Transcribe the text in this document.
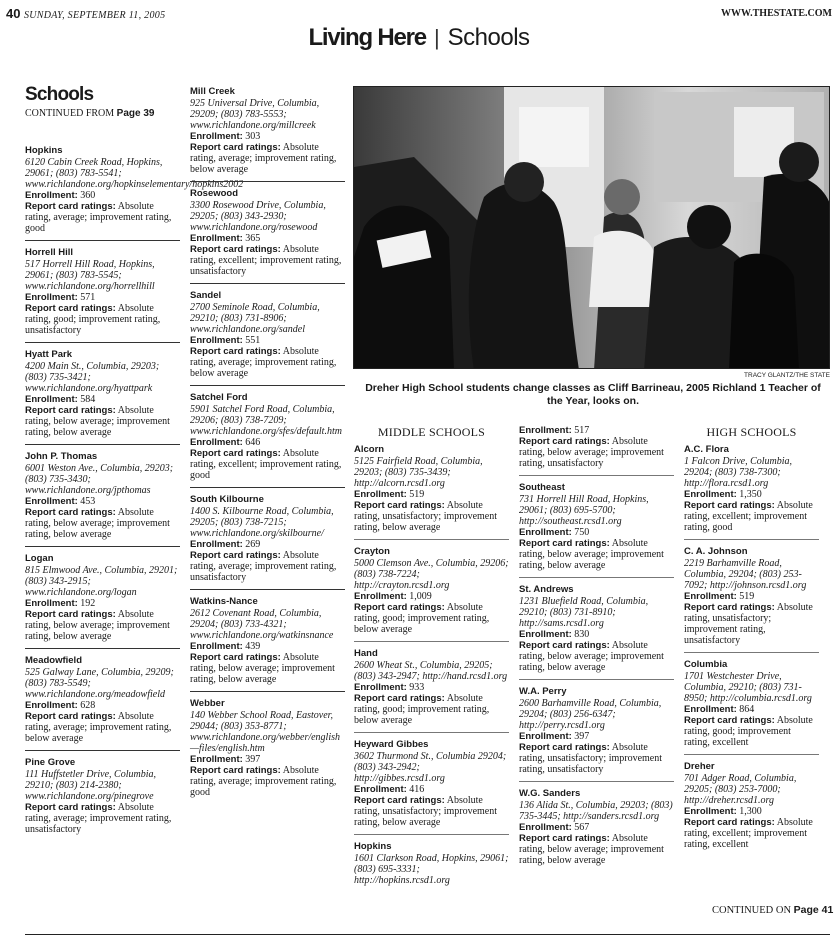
40 SUNDAY, SEPTEMBER 11, 2005	WWW.THESTATE.COM
Living Here | Schools
Schools
CONTINUED FROM Page 39
Hopkins
6120 Cabin Creek Road, Hopkins, 29061; (803) 783-5541; www.richlandone.org/hopkinselementary/hopkins2002
Enrollment: 360
Report card ratings: Absolute rating, average; improvement rating, good
Horrell Hill
517 Horrell Hill Road, Hopkins, 29061; (803) 783-5545; www.richlandone.org/horrellhill
Enrollment: 571
Report card ratings: Absolute rating, good; improvement rating, unsatisfactory
Hyatt Park
4200 Main St., Columbia, 29203; (803) 735-3421; www.richlandone.org/hyattpark
Enrollment: 584
Report card ratings: Absolute rating, below average; improvement rating, below average
John P. Thomas
6001 Weston Ave., Columbia, 29203; (803) 735-3430; www.richlandone.org/jpthomas
Enrollment: 453
Report card ratings: Absolute rating, below average; improvement rating, below average
Logan
815 Elmwood Ave., Columbia, 29201; (803) 343-2915; www.richlandone.org/logan
Enrollment: 192
Report card ratings: Absolute rating, below average; improvement rating, below average
Meadowfield
525 Galway Lane, Columbia, 29209; (803) 783-5549; www.richlandone.org/meadowfield
Enrollment: 628
Report card ratings: Absolute rating, average; improvement rating, below average
Pine Grove
111 Huffstetler Drive, Columbia, 29210; (803) 214-2380; www.richlandone.org/pinegrove
Report card ratings: Absolute rating, average; improvement rating, unsatisfactory
Mill Creek
925 Universal Drive, Columbia, 29209; (803) 783-5553; www.richlandone.org/millcreek
Enrollment: 303
Report card ratings: Absolute rating, average; improvement rating, below average
Rosewood
3300 Rosewood Drive, Columbia, 29205; (803) 343-2930; www.richlandone.org/rosewood
Enrollment: 365
Report card ratings: Absolute rating, excellent; improvement rating, unsatisfactory
Sandel
2700 Seminole Road, Columbia, 29210; (803) 731-8906; www.richlandone.org/sandel
Enrollment: 551
Report card ratings: Absolute rating, average; improvement rating, below average
Satchel Ford
5901 Satchel Ford Road, Columbia, 29206; (803) 738-7209; www.richlandone.org/sfes/default.htm
Enrollment: 646
Report card ratings: Absolute rating, excellent; improvement rating, good
South Kilbourne
1400 S. Kilbourne Road, Columbia, 29205; (803) 738-7215; www.richlandone.org/skilbourne/
Enrollment: 269
Report card ratings: Absolute rating, average; improvement rating, unsatisfactory
Watkins-Nance
2612 Covenant Road, Columbia, 29204; (803) 733-4321; www.richlandone.org/watkinsnance
Enrollment: 439
Report card ratings: Absolute rating, below average; improvement rating, below average
Webber
140 Webber School Road, Eastover, 29044; (803) 353-8771; www.richlandone.org/webber/english—files/english.htm
Enrollment: 397
Report card ratings: Absolute rating, average; improvement rating, good
TRACY GLANTZ/THE STATE
Dreher High School students change classes as Cliff Barrineau, 2005 Richland 1 Teacher of the Year, looks on.
MIDDLE SCHOOLS
Alcorn
5125 Fairfield Road, Columbia, 29203; (803) 735-3439; http://alcorn.rcsd1.org
Enrollment: 519
Report card ratings: Absolute rating, unsatisfactory; improvement rating, below average
Crayton
5000 Clemson Ave., Columbia, 29206; (803) 738-7224; http://crayton.rcsd1.org
Enrollment: 1,009
Report card ratings: Absolute rating, good; improvement rating, below average
Hand
2600 Wheat St., Columbia, 29205; (803) 343-2947; http://hand.rcsd1.org
Enrollment: 933
Report card ratings: Absolute rating, good; improvement rating, below average
Heyward Gibbes
3602 Thurmond St., Columbia 29204; (803) 343-2942; http://gibbes.rcsd1.org
Enrollment: 416
Report card ratings: Absolute rating, unsatisfactory; improvement rating, below average
Hopkins
1601 Clarkson Road, Hopkins, 29061; (803) 695-3331; http://hopkins.rcsd1.org
Enrollment: 517
Report card ratings: Absolute rating, below average; improvement rating, unsatisfactory
Southeast
731 Horrell Hill Road, Hopkins, 29061; (803) 695-5700; http://southeast.rcsd1.org
Enrollment: 750
Report card ratings: Absolute rating, below average; improvement rating, below average
St. Andrews
1231 Bluefield Road, Columbia, 29210; (803) 731-8910; http://sams.rcsd1.org
Enrollment: 830
Report card ratings: Absolute rating, below average; improvement rating, below average
W.A. Perry
2600 Barhamville Road, Columbia, 29204; (803) 256-6347; http://perry.rcsd1.org
Enrollment: 397
Report card ratings: Absolute rating, unsatisfactory; improvement rating, unsatisfactory
W.G. Sanders
136 Alida St., Columbia, 29203; (803) 735-3445; http://sanders.rcsd1.org
Enrollment: 567
Report card ratings: Absolute rating, below average; improvement rating, below average
HIGH SCHOOLS
A.C. Flora
1 Falcon Drive, Columbia, 29204; (803) 738-7300; http://flora.rcsd1.org
Enrollment: 1,350
Report card ratings: Absolute rating, excellent; improvement rating, good
C. A. Johnson
2219 Barhamville Road, Columbia, 29204; (803) 253-7092; http://johnson.rcsd1.org
Enrollment: 519
Report card ratings: Absolute rating, unsatisfactory; improvement rating, unsatisfactory
Columbia
1701 Westchester Drive, Columbia, 29210; (803) 731-8950; http://columbia.rcsd1.org
Enrollment: 864
Report card ratings: Absolute rating, good; improvement rating, excellent
Dreher
701 Adger Road, Columbia, 29205; (803) 253-7000; http://dreher.rcsd1.org
Enrollment: 1,300
Report card ratings: Absolute rating, excellent; improvement rating, excellent
CONTINUED ON Page 41
